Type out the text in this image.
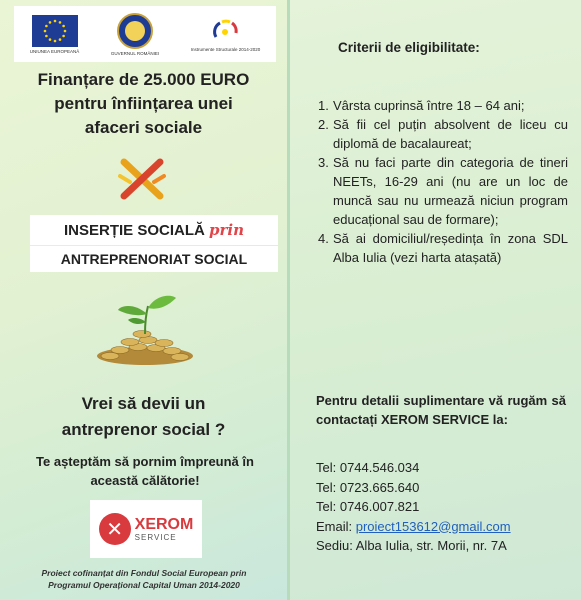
UNIUNEA EUROPEANĂ	GUVERNUL ROMÂNIEI
Instrumente Structurale 2014-2020
Finanțare de 25.000 EURO
pentru înființarea unei
afaceri sociale
INSERȚIE SOCIALĂ prin
ANTREPRENORIAT SOCIAL
Vrei să devii un
antreprenor social ?
Te așteptăm să pornim împreună în
această călătorie!
✕ XEROM
SERVICE
Proiect cofinanțat din Fondul Social European prin
Programul Operațional Capital Uman 2014-2020
Criterii de eligibilitate:
1. Vârsta cuprinsă între 18 – 64 ani;
2. Să fii cel puțin absolvent de liceu cu diplomă de bacalaureat;
3. Să nu faci parte din categoria de tineri NEETs, 16-29 ani (nu are un loc de muncă sau nu urmează niciun program educațional sau de formare);
4. Să ai domiciliul/reședința în zona SDL Alba Iulia (vezi harta atașată)
Pentru detalii suplimentare vă rugăm să contactați XEROM SERVICE la:
Tel: 0744.546.034
Tel: 0723.665.640
Tel: 0746.007.821
Email: proiect153612@gmail.com
Sediu: Alba Iulia, str. Morii, nr. 7A
